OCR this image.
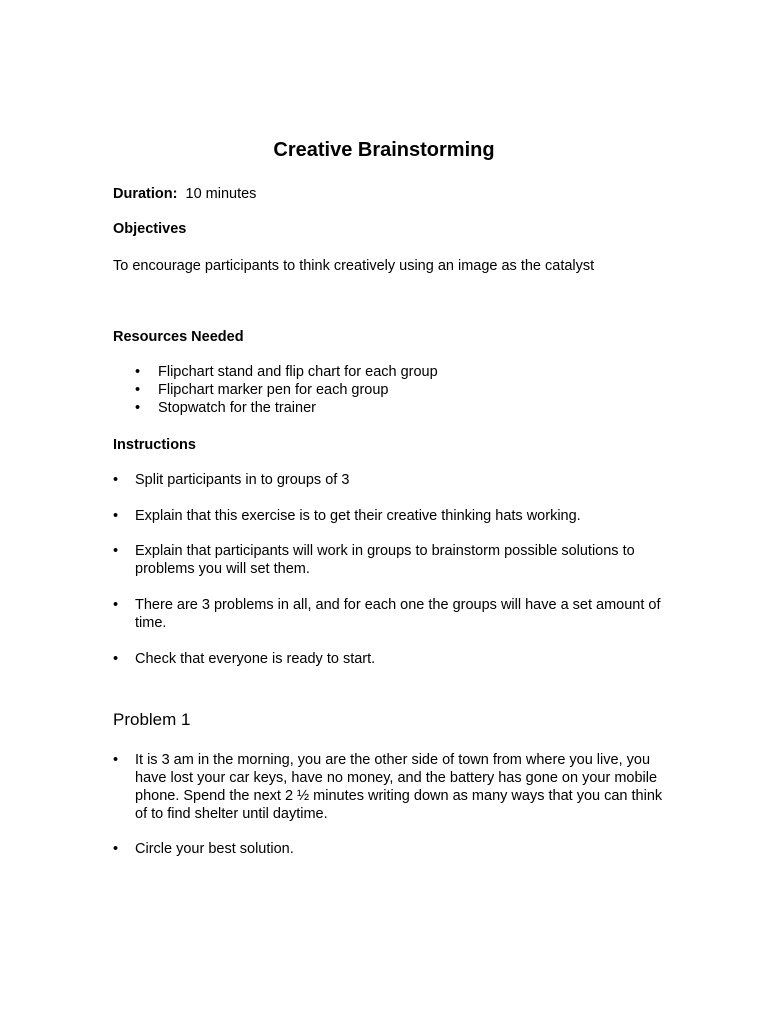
Creative Brainstorming
Duration: 10 minutes
Objectives
To encourage participants to think creatively using an image as the catalyst
Resources Needed
• Flipchart stand and flip chart for each group
• Flipchart marker pen for each group
• Stopwatch for the trainer
Instructions
• Split participants in to groups of 3
• Explain that this exercise is to get their creative thinking hats working.
• Explain that participants will work in groups to brainstorm possible solutions to problems you will set them.
• There are 3 problems in all, and for each one the groups will have a set amount of time.
• Check that everyone is ready to start.
Problem 1
• It is 3 am in the morning, you are the other side of town from where you live, you have lost your car keys, have no money, and the battery has gone on your mobile phone. Spend the next 2 ½ minutes writing down as many ways that you can think of to find shelter until daytime.
• Circle your best solution.
